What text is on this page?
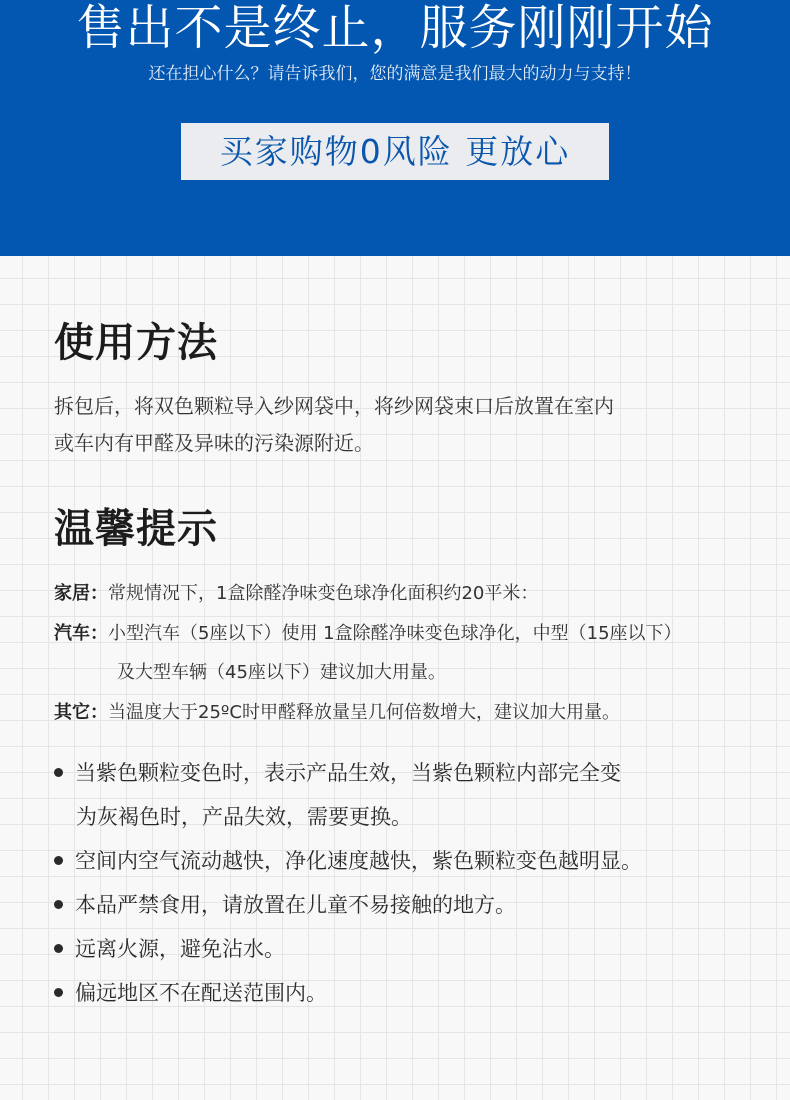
售出不是终止，服务刚刚开始
还在担心什么？请告诉我们，您的满意是我们最大的动力与支持！
买家购物0风险 更放心
使用方法
拆包后，将双色颗粒导入纱网袋中，将纱网袋束口后放置在室内
或车内有甲醛及异味的污染源附近。
温馨提示
家居：常规情况下，1盒除醛净味变色球净化面积约20平米：
汽车：小型汽车（5座以下）使用 1盒除醛净味变色球净化，中型（15座以下）
及大型车辆（45座以下）建议加大用量。
其它：当温度大于25ºC时甲醛释放量呈几何倍数增大，建议加大用量。
当紫色颗粒变色时，表示产品生效，当紫色颗粒内部完全变
为灰褐色时，产品失效，需要更换。
空间内空气流动越快，净化速度越快，紫色颗粒变色越明显。
本品严禁食用，请放置在儿童不易接触的地方。
远离火源，避免沾水。
偏远地区不在配送范围内。
